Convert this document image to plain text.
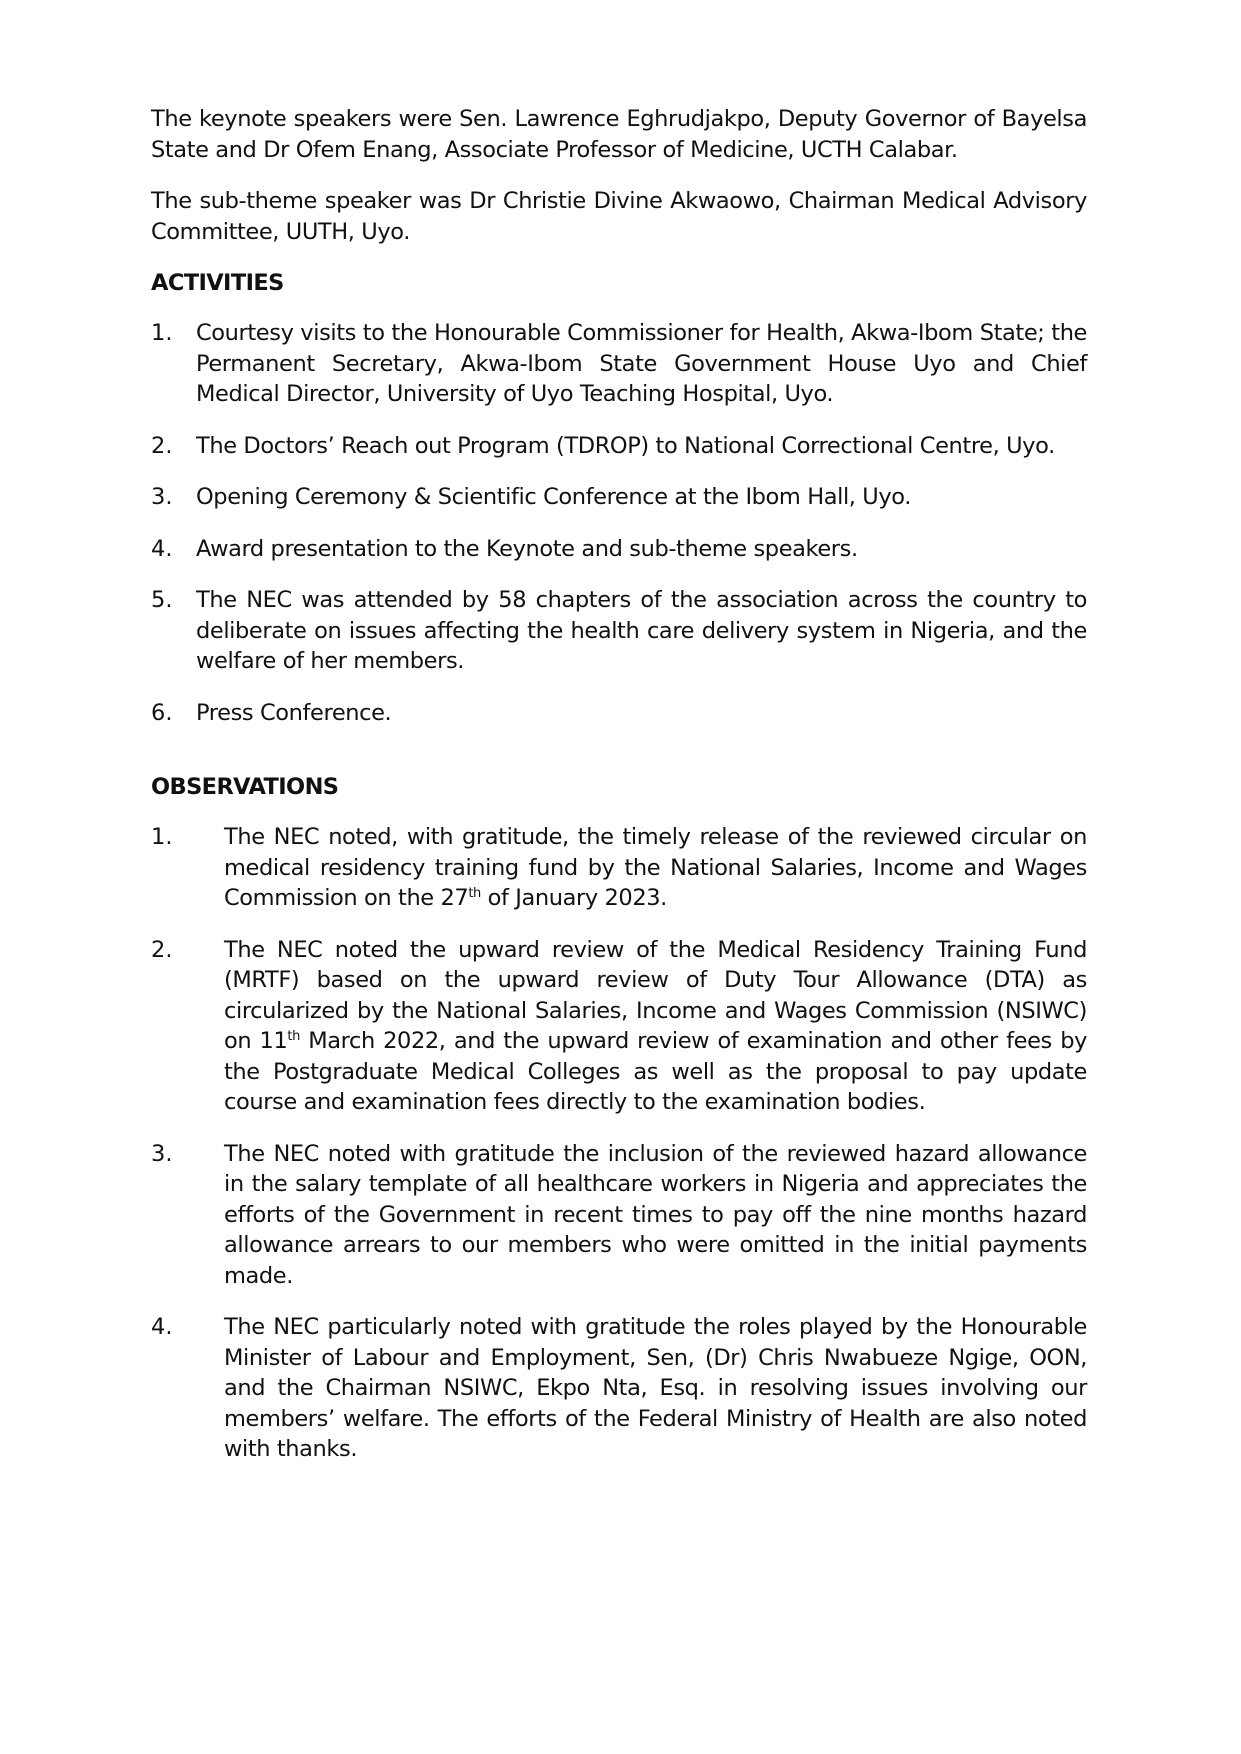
The keynote speakers were Sen. Lawrence Eghrudjakpo, Deputy Governor of Bayelsa State and Dr Ofem Enang, Associate Professor of Medicine, UCTH Calabar.

The sub-theme speaker was Dr Christie Divine Akwaowo, Chairman Medical Advisory Committee, UUTH, Uyo.

ACTIVITIES
1.	Courtesy visits to the Honourable Commissioner for Health, Akwa-Ibom State; the Permanent Secretary, Akwa-Ibom State Government House Uyo and Chief Medical Director, University of Uyo Teaching Hospital, Uyo.
2.	The Doctors’ Reach out Program (TDROP) to National Correctional Centre, Uyo.
3.	Opening Ceremony & Scientific Conference at the Ibom Hall, Uyo.
4.	Award presentation to the Keynote and sub-theme speakers.
5.	The NEC was attended by 58 chapters of the association across the country to deliberate on issues affecting the health care delivery system in Nigeria, and the welfare of her members.
6.	Press Conference.
OBSERVATIONS
1.	The NEC noted, with gratitude, the timely release of the reviewed circular on medical residency training fund by the National Salaries, Income and Wages Commission on the 27th of January 2023.
2.	The NEC noted the upward review of the Medical Residency Training Fund (MRTF) based on the upward review of Duty Tour Allowance (DTA) as circularized by the National Salaries, Income and Wages Commission (NSIWC) on 11th March 2022, and the upward review of examination and other fees by the Postgraduate Medical Colleges as well as the proposal to pay update course and examination fees directly to the examination bodies.
3.	The NEC noted with gratitude the inclusion of the reviewed hazard allowance in the salary template of all healthcare workers in Nigeria and appreciates the efforts of the Government in recent times to pay off the nine months hazard allowance arrears to our members who were omitted in the initial payments made.
4.	The NEC particularly noted with gratitude the roles played by the Honourable Minister of Labour and Employment, Sen, (Dr) Chris Nwabueze Ngige, OON, and the Chairman NSIWC, Ekpo Nta, Esq. in resolving issues involving our members’ welfare. The efforts of the Federal Ministry of Health are also noted with thanks.
